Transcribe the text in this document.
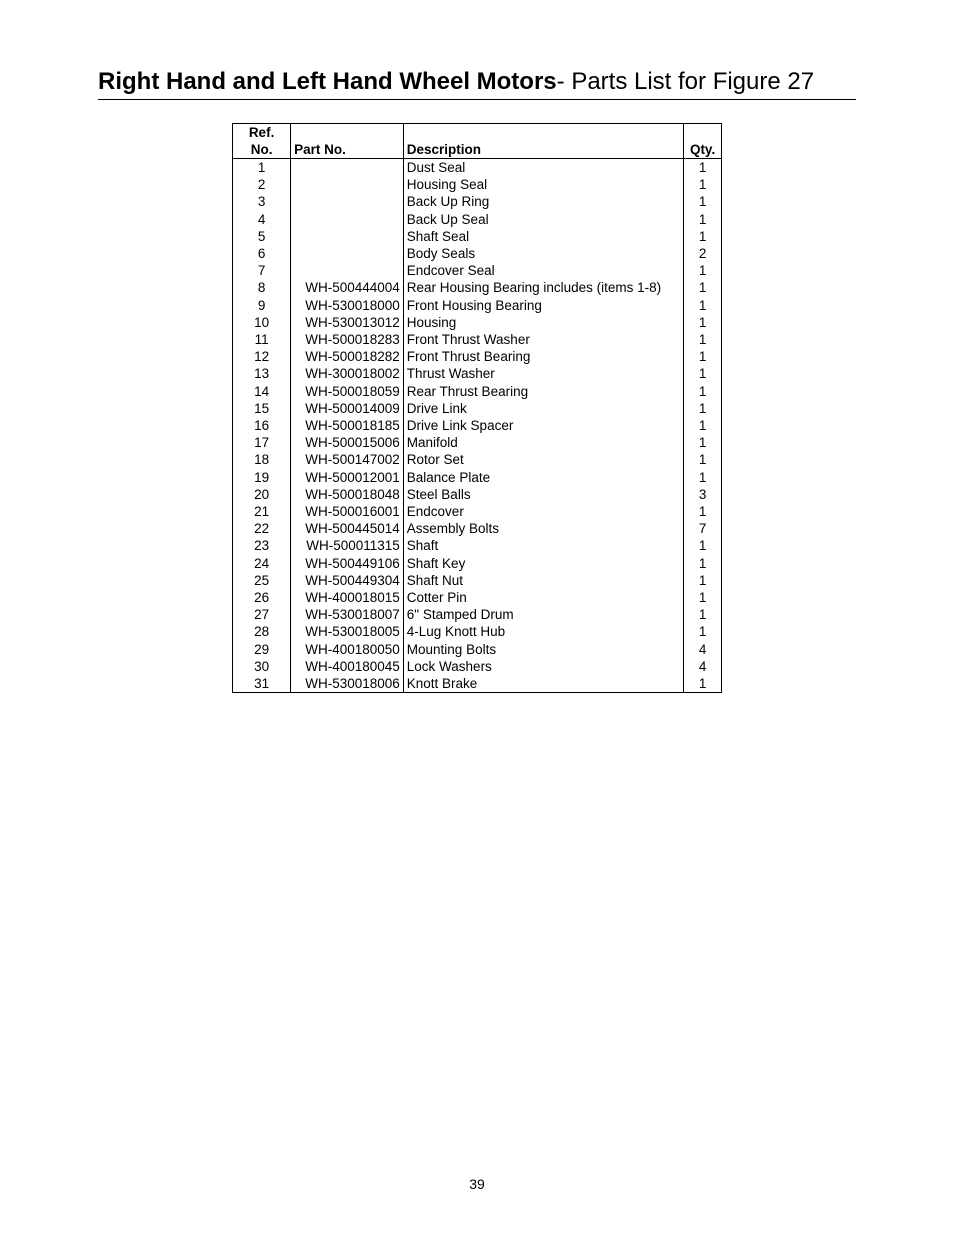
Right Hand and Left Hand Wheel Motors- Parts List for Figure 27
Ref.
No.	Part No.	Description	Qty.
1		Dust Seal	1
2		Housing Seal	1
3		Back Up Ring	1
4		Back Up Seal	1
5		Shaft Seal	1
6		Body Seals	2
7		Endcover Seal	1
8	WH-500444004	Rear Housing Bearing includes (items 1-8)	1
9	WH-530018000	Front Housing Bearing	1
10	WH-530013012	Housing	1
11	WH-500018283	Front Thrust Washer	1
12	WH-500018282	Front Thrust Bearing	1
13	WH-300018002	Thrust Washer	1
14	WH-500018059	Rear Thrust Bearing	1
15	WH-500014009	Drive Link	1
16	WH-500018185	Drive Link Spacer	1
17	WH-500015006	Manifold	1
18	WH-500147002	Rotor Set	1
19	WH-500012001	Balance Plate	1
20	WH-500018048	Steel Balls	3
21	WH-500016001	Endcover	1
22	WH-500445014	Assembly Bolts	7
23	WH-500011315	Shaft	1
24	WH-500449106	Shaft Key	1
25	WH-500449304	Shaft Nut	1
26	WH-400018015	Cotter Pin	1
27	WH-530018007	6" Stamped Drum	1
28	WH-530018005	4-Lug Knott Hub	1
29	WH-400180050	Mounting Bolts	4
30	WH-400180045	Lock Washers	4
31	WH-530018006	Knott Brake	1
39
